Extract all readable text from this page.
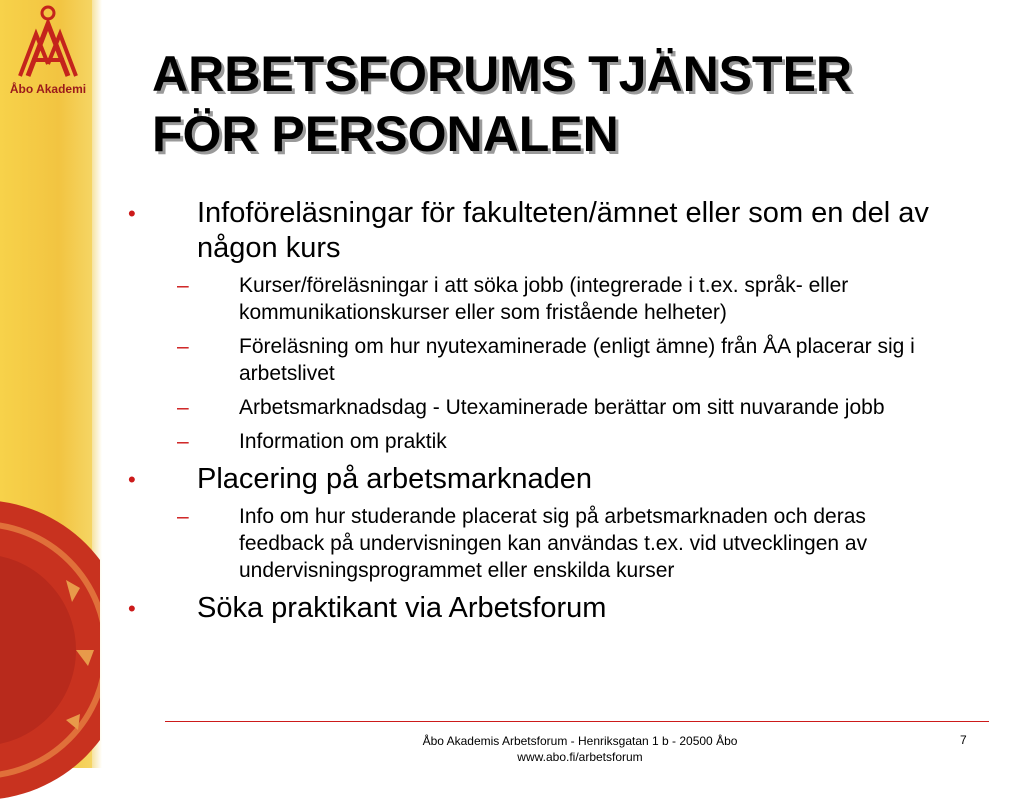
Åbo Akademi ARBETSFORUMS TJÄNSTER
FÖR PERSONALEN
• Infoföreläsningar för fakulteten/ämnet eller som en del av någon kurs
– Kurser/föreläsningar i att söka jobb (integrerade i t.ex. språk- eller kommunikationskurser eller som fristående helheter)
– Föreläsning om hur nyutexaminerade (enligt ämne) från ÅA placerar sig i arbetslivet
– Arbetsmarknadsdag - Utexaminerade berättar om sitt nuvarande jobb
– Information om praktik
• Placering på arbetsmarknaden
– Info om hur studerande placerat sig på arbetsmarknaden och deras feedback på undervisningen kan användas t.ex. vid utvecklingen av undervisningsprogrammet eller enskilda kurser
• Söka praktikant via Arbetsforum
Åbo Akademis Arbetsforum - Henriksgatan 1 b - 20500 Åbo
www.abo.fi/arbetsforum
7
